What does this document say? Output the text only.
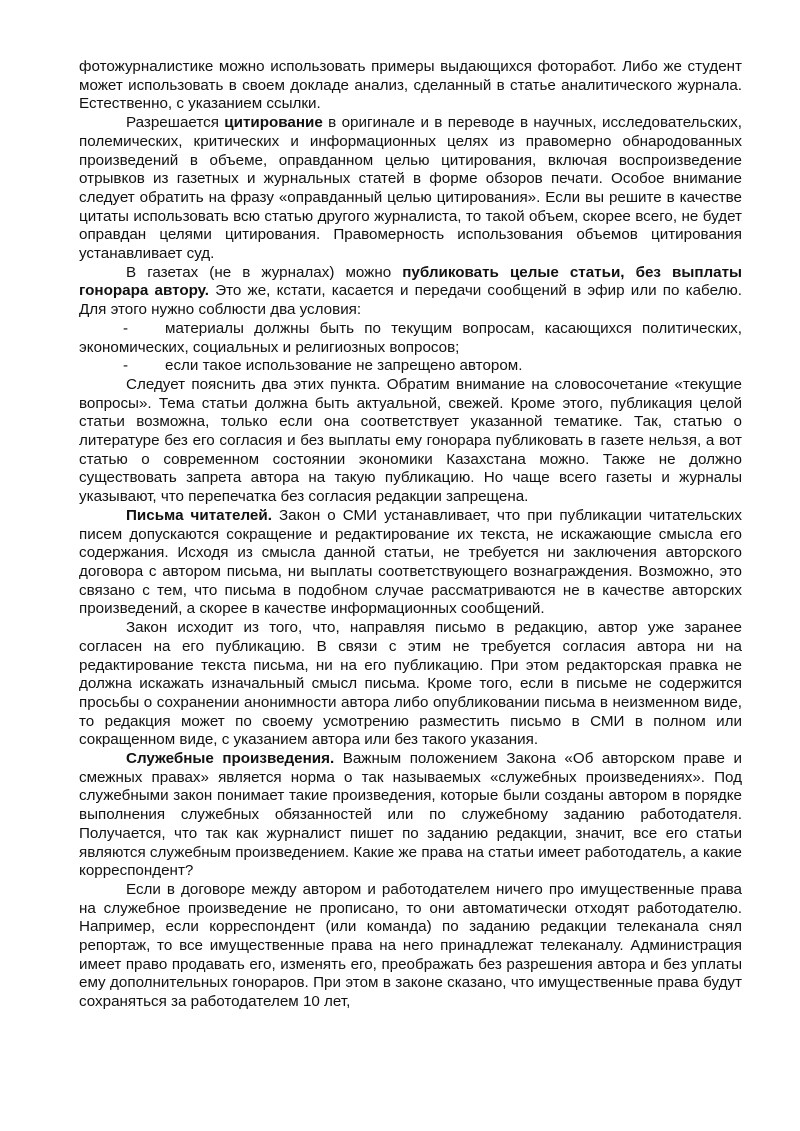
фотожурналистике можно использовать примеры выдающихся фоторабот. Либо же студент может использовать в своем докладе анализ, сделанный в статье аналитического журнала. Естественно, с указанием ссылки.

Разрешается цитирование в оригинале и в переводе в научных, исследовательских, полемических, критических и информационных целях из правомерно обнародованных произведений в объеме, оправданном целью цитирования, включая воспроизведение отрывков из газетных и журнальных статей в форме обзоров печати. Особое внимание следует обратить на фразу «оправданный целью цитирования». Если вы решите в качестве цитаты использовать всю статью другого журналиста, то такой объем, скорее всего, не будет оправдан целями цитирования. Правомерность использования объемов цитирования устанавливает суд.

В газетах (не в журналах) можно публиковать целые статьи, без выплаты гонорара автору. Это же, кстати, касается и передачи сообщений в эфир или по кабелю. Для этого нужно соблюсти два условия:

- материалы должны быть по текущим вопросам, касающихся политических, экономических, социальных и религиозных вопросов;

- если такое использование не запрещено автором.

Следует пояснить два этих пункта. Обратим внимание на словосочетание «текущие вопросы». Тема статьи должна быть актуальной, свежей. Кроме этого, публикация целой статьи возможна, только если она соответствует указанной тематике. Так, статью о литературе без его согласия и без выплаты ему гонорара публиковать в газете нельзя, а вот статью о современном состоянии экономики Казахстана можно. Также не должно существовать запрета автора на такую публикацию. Но чаще всего газеты и журналы указывают, что перепечатка без согласия редакции запрещена.

Письма читателей. Закон о СМИ устанавливает, что при публикации читательских писем допускаются сокращение и редактирование их текста, не искажающие смысла его содержания. Исходя из смысла данной статьи, не требуется ни заключения авторского договора с автором письма, ни выплаты соответствующего вознаграждения. Возможно, это связано с тем, что письма в подобном случае рассматриваются не в качестве авторских произведений, а скорее в качестве информационных сообщений.

Закон исходит из того, что, направляя письмо в редакцию, автор уже заранее согласен на его публикацию. В связи с этим не требуется согласия автора ни на редактирование текста письма, ни на его публикацию. При этом редакторская правка не должна искажать изначальный смысл письма. Кроме того, если в письме не содержится просьбы о сохранении анонимности автора либо опубликовании письма в неизменном виде, то редакция может по своему усмотрению разместить письмо в СМИ в полном или сокращенном виде, с указанием автора или без такого указания.

Служебные произведения. Важным положением Закона «Об авторском праве и смежных правах» является норма о так называемых «служебных произведениях». Под служебными закон понимает такие произведения, которые были созданы автором в порядке выполнения служебных обязанностей или по служебному заданию работодателя. Получается, что так как журналист пишет по заданию редакции, значит, все его статьи являются служебным произведением. Какие же права на статьи имеет работодатель, а какие корреспондент?

Если в договоре между автором и работодателем ничего про имущественные права на служебное произведение не прописано, то они автоматически отходят работодателю. Например, если корреспондент (или команда) по заданию редакции телеканала снял репортаж, то все имущественные права на него принадлежат телеканалу. Администрация имеет право продавать его, изменять его, преображать без разрешения автора и без уплаты ему дополнительных гонораров. При этом в законе сказано, что имущественные права будут сохраняться за работодателем 10 лет,
